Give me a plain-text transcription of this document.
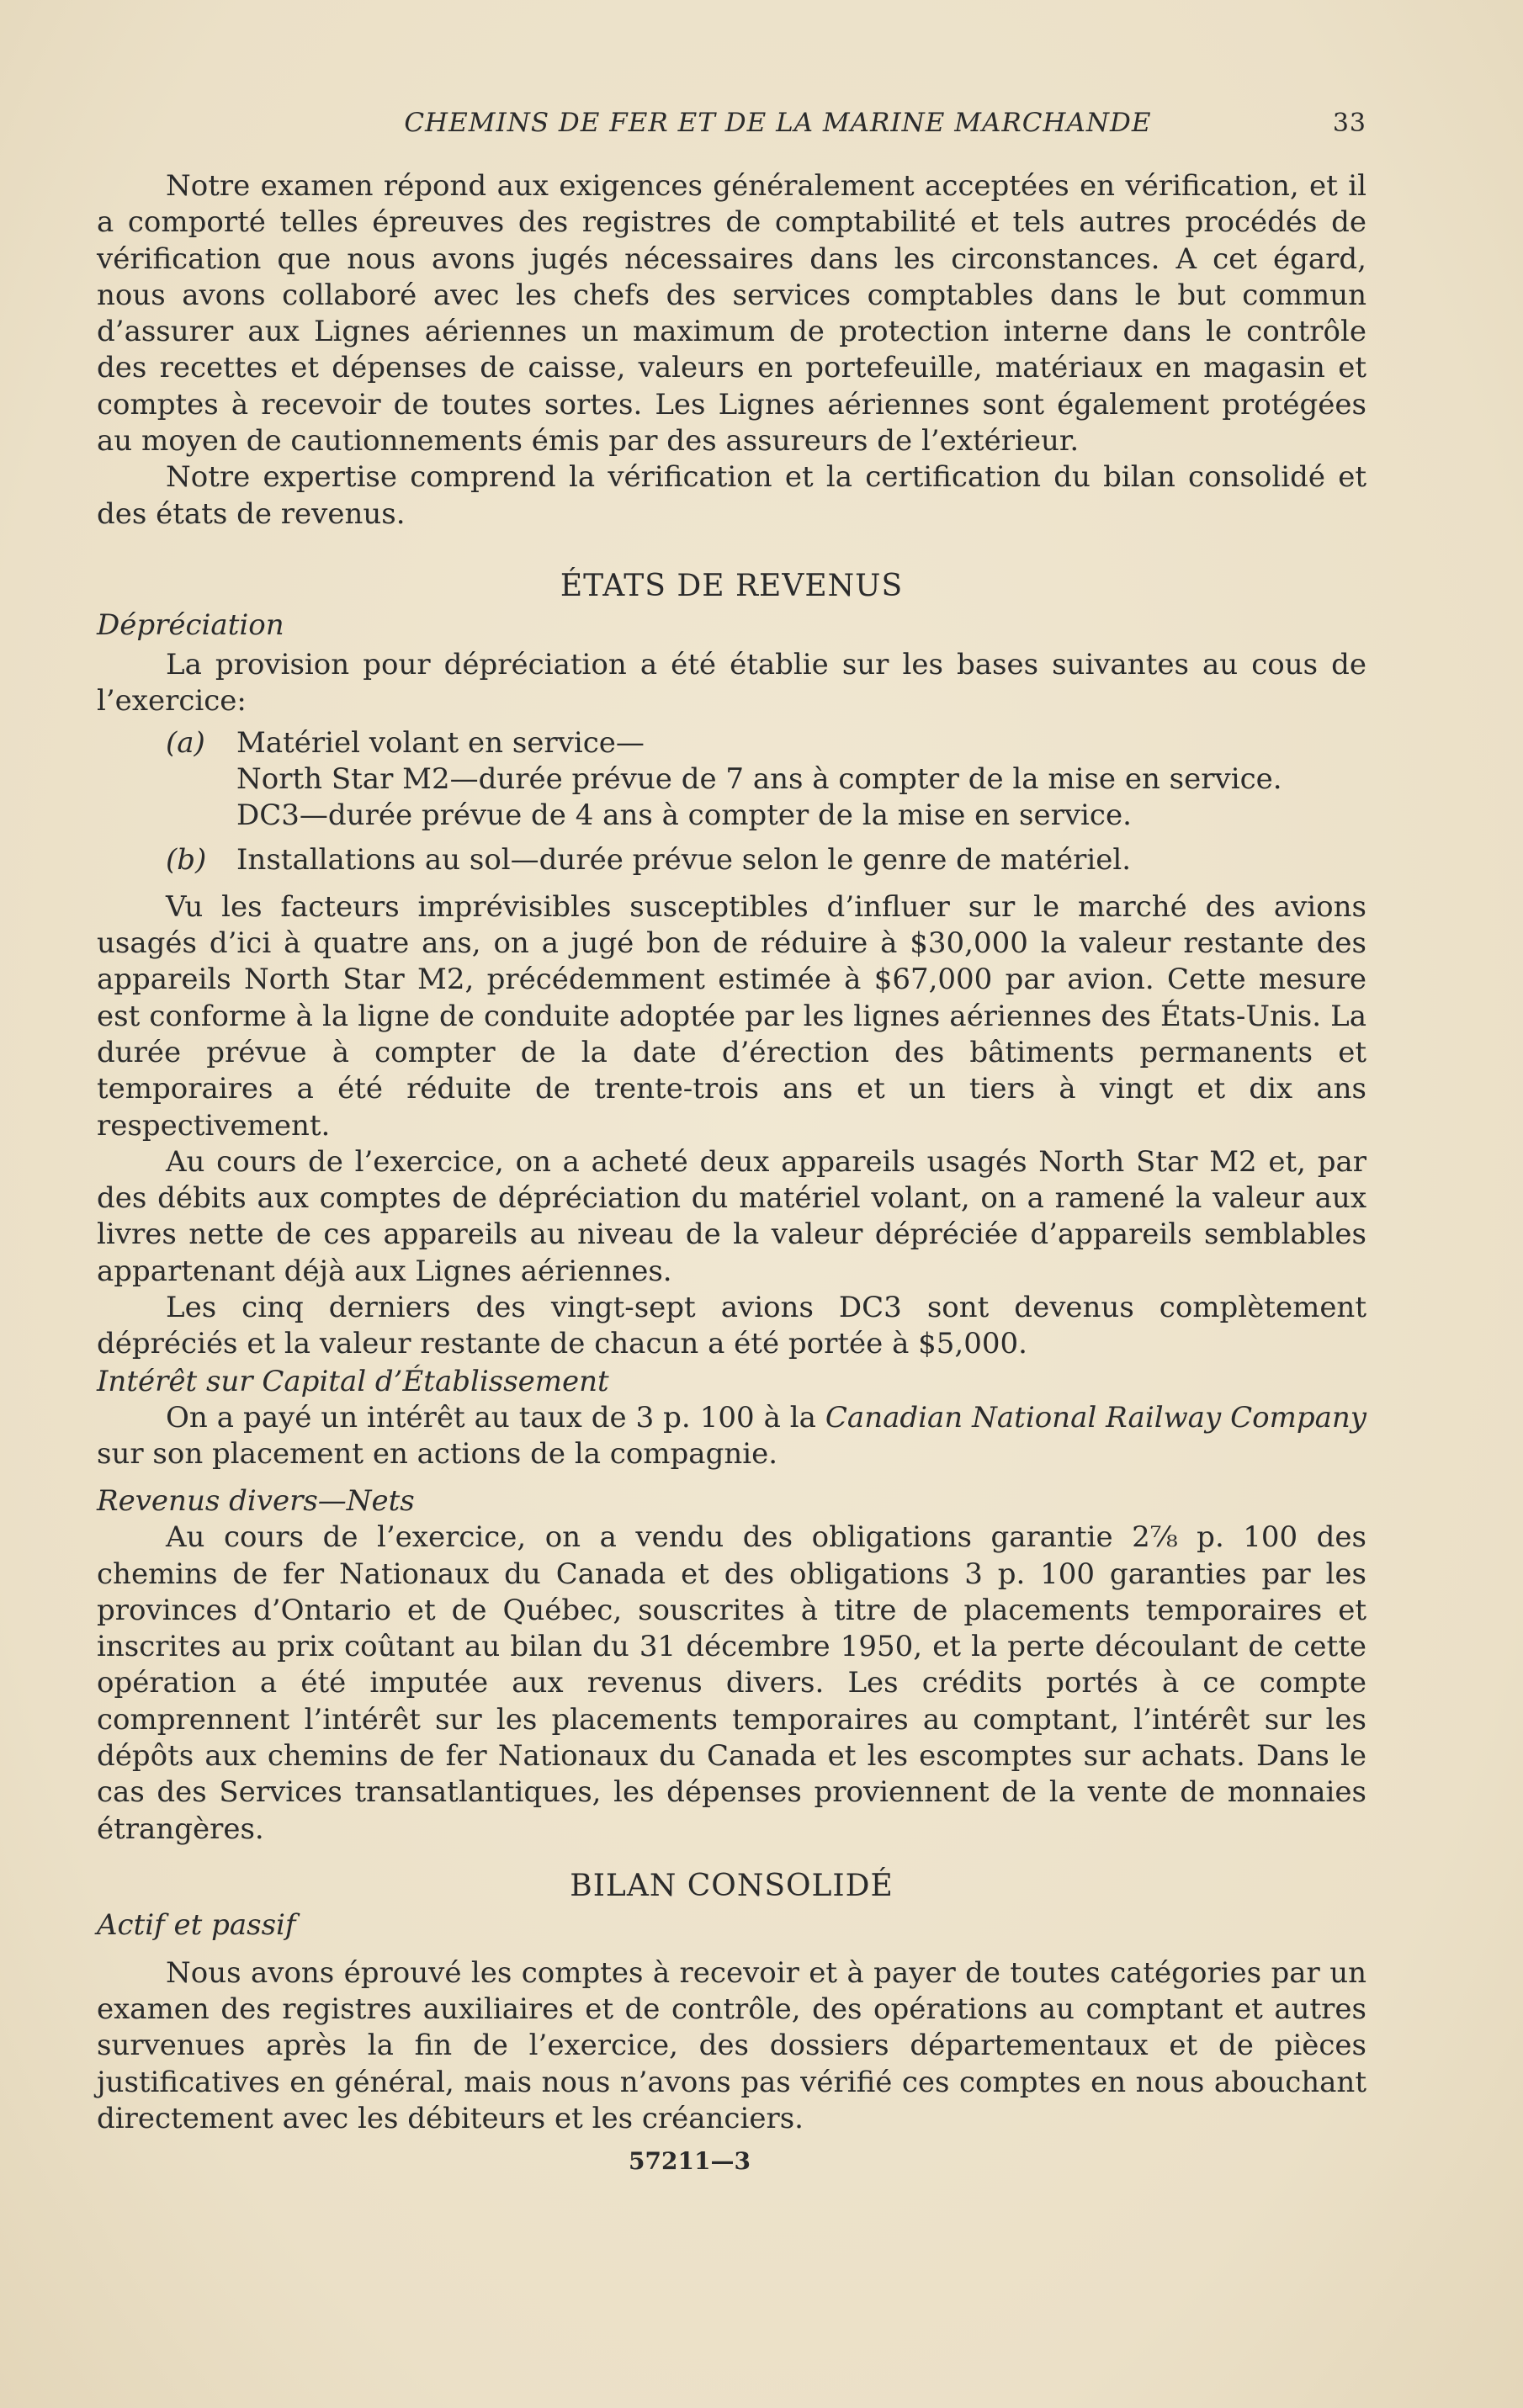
CHEMINS DE FER ET DE LA MARINE MARCHANDE	33

Notre examen répond aux exigences généralement acceptées en vérification, et il a comporté telles épreuves des registres de comptabilité et tels autres procédés de vérification que nous avons jugés nécessaires dans les circonstances. A cet égard, nous avons collaboré avec les chefs des services comptables dans le but commun d’assurer aux Lignes aériennes un maximum de protection interne dans le contrôle des recettes et dépenses de caisse, valeurs en portefeuille, matériaux en magasin et comptes à recevoir de toutes sortes. Les Lignes aériennes sont également protégées au moyen de cautionnements émis par des assureurs de l’extérieur.

Notre expertise comprend la vérification et la certification du bilan consolidé et des états de revenus.

ÉTATS DE REVENUS
Dépréciation

La provision pour dépréciation a été établie sur les bases suivantes au cous de l’exercice:

(a)	Matériel volant en service—
North Star M2—durée prévue de 7 ans à compter de la mise en service.
DC3—durée prévue de 4 ans à compter de la mise en service.
(b)	Installations au sol—durée prévue selon le genre de matériel.

Vu les facteurs imprévisibles susceptibles d’influer sur le marché des avions usagés d’ici à quatre ans, on a jugé bon de réduire à $30,000 la valeur restante des appareils North Star M2, précédemment estimée à $67,000 par avion. Cette mesure est conforme à la ligne de conduite adoptée par les lignes aériennes des États-Unis. La durée prévue à compter de la date d’érection des bâtiments permanents et temporaires a été réduite de trente-trois ans et un tiers à vingt et dix ans respectivement.

Au cours de l’exercice, on a acheté deux appareils usagés North Star M2 et, par des débits aux comptes de dépréciation du matériel volant, on a ramené la valeur aux livres nette de ces appareils au niveau de la valeur dépréciée d’appareils semblables appartenant déjà aux Lignes aériennes.

Les cinq derniers des vingt-sept avions DC3 sont devenus complètement dépréciés et la valeur restante de chacun a été portée à $5,000.

Intérêt sur Capital d’Établissement

On a payé un intérêt au taux de 3 p. 100 à la Canadian National Railway Company sur son placement en actions de la compagnie.

Revenus divers—Nets

Au cours de l’exercice, on a vendu des obligations garantie 2⅞ p. 100 des chemins de fer Nationaux du Canada et des obligations 3 p. 100 garanties par les provinces d’Ontario et de Québec, souscrites à titre de placements temporaires et inscrites au prix coûtant au bilan du 31 décembre 1950, et la perte découlant de cette opération a été imputée aux revenus divers. Les crédits portés à ce compte comprennent l’intérêt sur les placements temporaires au comptant, l’intérêt sur les dépôts aux chemins de fer Nationaux du Canada et les escomptes sur achats. Dans le cas des Services transatlantiques, les dépenses proviennent de la vente de monnaies étrangères.

BILAN CONSOLIDÉ
Actif et passif

Nous avons éprouvé les comptes à recevoir et à payer de toutes catégories par un examen des registres auxiliaires et de contrôle, des opérations au comptant et autres survenues après la fin de l’exercice, des dossiers départementaux et de pièces justificatives en général, mais nous n’avons pas vérifié ces comptes en nous abouchant directement avec les débiteurs et les créanciers.

57211—3
